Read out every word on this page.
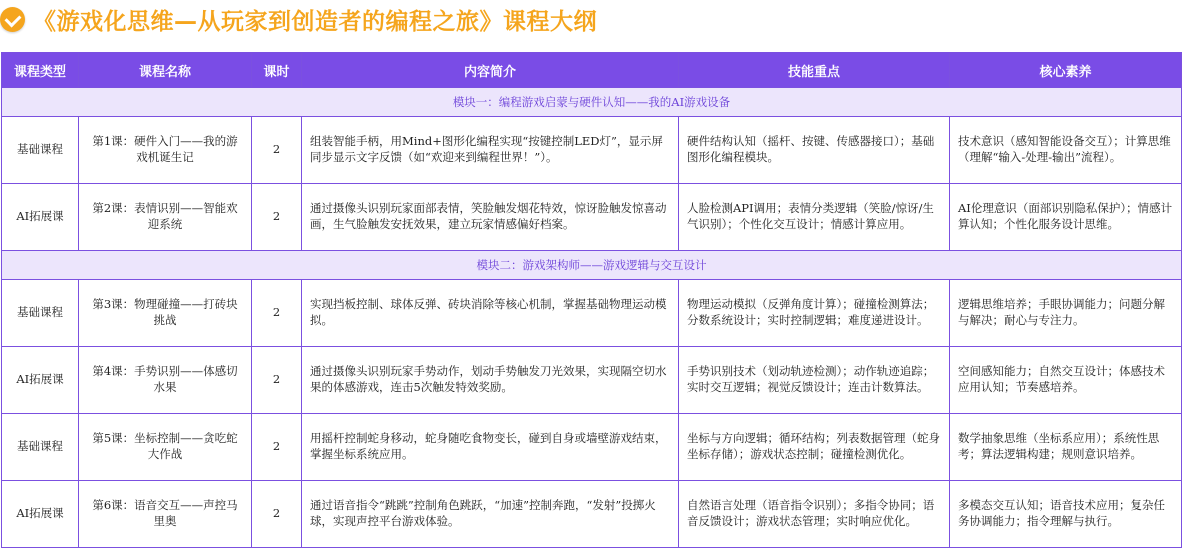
《游戏化思维—从玩家到创造者的编程之旅》课程大纲
课程类型	课程名称	课时	内容简介	技能重点	核心素养
模块一：编程游戏启蒙与硬件认知——我的AI游戏设备					
基础课程	第1课：硬件入门——我的游戏机诞生记	2	组装智能手柄，用Mind+图形化编程实现“按键控制LED灯”，显示屏同步显示文字反馈（如“欢迎来到编程世界！”）。	硬件结构认知（摇杆、按键、传感器接口）；基础图形化编程模块。	技术意识（感知智能设备交互）；计算思维（理解“输入-处理-输出”流程）。
AI拓展课	第2课：表情识别——智能欢迎系统	2	通过摄像头识别玩家面部表情，笑脸触发烟花特效，惊讶脸触发惊喜动画，生气脸触发安抚效果，建立玩家情感偏好档案。	人脸检测API调用；表情分类逻辑（笑脸/惊讶/生气识别）；个性化交互设计；情感计算应用。	AI伦理意识（面部识别隐私保护）；情感计算认知；个性化服务设计思维。
模块二：游戏架构师——游戏逻辑与交互设计					
基础课程	第3课：物理碰撞——打砖块挑战	2	实现挡板控制、球体反弹、砖块消除等核心机制，掌握基础物理运动模拟。	物理运动模拟（反弹角度计算）；碰撞检测算法；分数系统设计；实时控制逻辑；难度递进设计。	逻辑思维培养；手眼协调能力；问题分解与解决；耐心与专注力。
AI拓展课	第4课：手势识别——体感切水果	2	通过摄像头识别玩家手势动作，划动手势触发刀光效果，实现隔空切水果的体感游戏，连击5次触发特效奖励。	手势识别技术（划动轨迹检测）；动作轨迹追踪；实时交互逻辑；视觉反馈设计；连击计数算法。	空间感知能力；自然交互设计；体感技术应用认知；节奏感培养。
基础课程	第5课：坐标控制——贪吃蛇大作战	2	用摇杆控制蛇身移动，蛇身随吃食物变长，碰到自身或墙壁游戏结束，掌握坐标系统应用。	坐标与方向逻辑；循环结构；列表数据管理（蛇身坐标存储）；游戏状态控制；碰撞检测优化。	数学抽象思维（坐标系应用）；系统性思考；算法逻辑构建；规则意识培养。
AI拓展课	第6课：语音交互——声控马里奥	2	通过语音指令“跳跳”控制角色跳跃，“加速”控制奔跑，“发射”投掷火球，实现声控平台游戏体验。	自然语言处理（语音指令识别）；多指令协同；语音反馈设计；游戏状态管理；实时响应优化。	多模态交互认知；语音技术应用；复杂任务协调能力；指令理解与执行。
